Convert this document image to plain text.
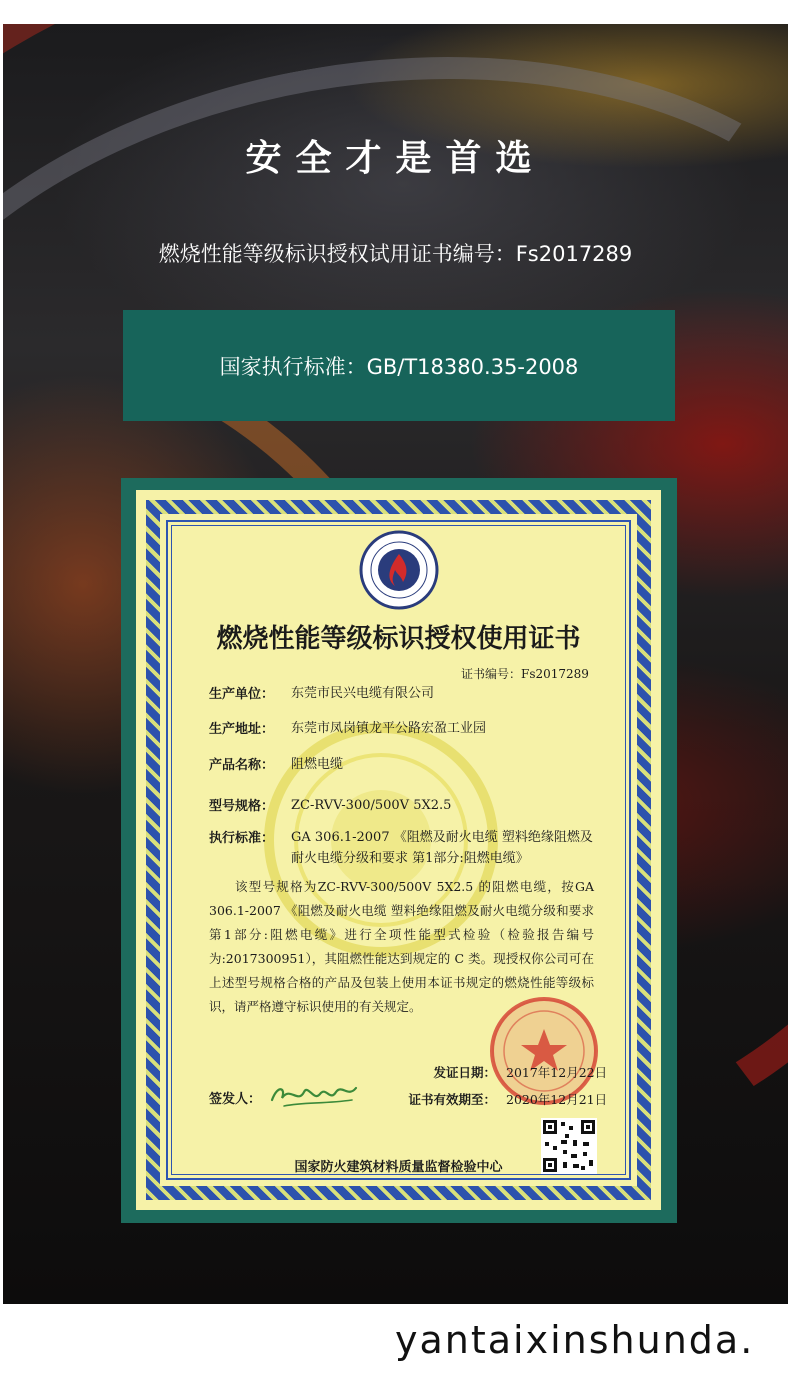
安全才是首选
燃烧性能等级标识授权试用证书编号：Fs2017289
国家执行标准：GB/T18380.35-2008
燃烧性能等级标识授权使用证书
证书编号：Fs2017289
生产单位：	东莞市民兴电缆有限公司
生产地址：	东莞市凤岗镇龙平公路宏盈工业园
产品名称：	阻燃电缆
型号规格：	ZC-RVV-300/500V 5X2.5
执行标准：	GA 306.1-2007 《阻燃及耐火电缆 塑料绝缘阻燃及耐火电缆分级和要求 第1部分:阻燃电缆》
该型号规格为ZC-RVV-300/500V 5X2.5 的阻燃电缆，按GA 306.1-2007 《阻燃及耐火电缆 塑料绝缘阻燃及耐火电缆分级和要求 第1部分:阻燃电缆》进行全项性能型式检验（检验报告编号为:2017300951），其阻燃性能达到规定的 C 类。现授权你公司可在上述型号规格合格的产品及包装上使用本证书规定的燃烧性能等级标识，请严格遵守标识使用的有关规定。
签发人：
发证日期： 2017年12月22日
证书有效期至： 2020年12月21日
国家防火建筑材料质量监督检验中心
yantaixinshunda.
